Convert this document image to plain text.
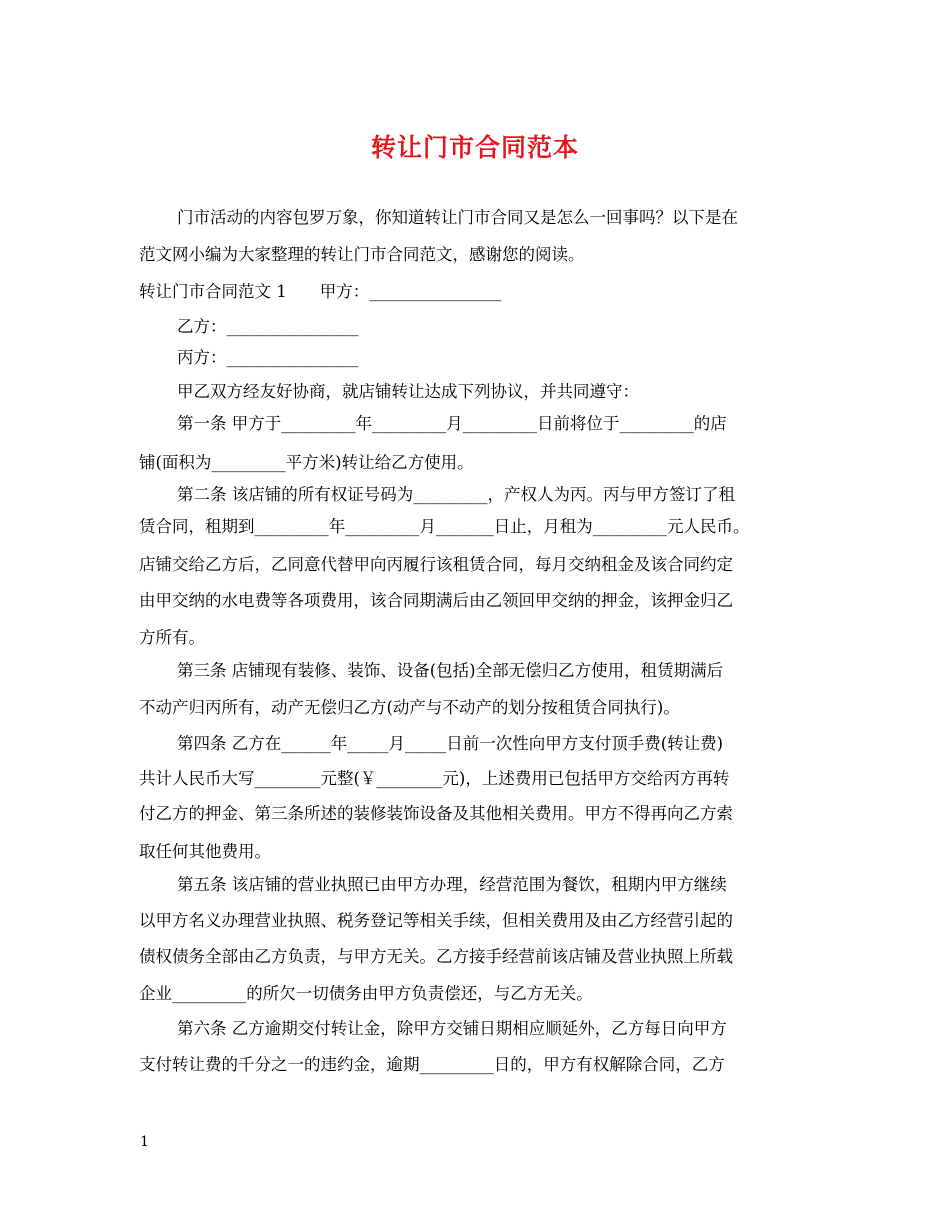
转让门市合同范本
门市活动的内容包罗万象，你知道转让门市合同又是怎么一回事吗？以下是在
范文网小编为大家整理的转让门市合同范文，感谢您的阅读。
转让门市合同范文 1　　甲方：________________
乙方：________________
丙方：________________
甲乙双方经友好协商，就店铺转让达成下列协议，并共同遵守：
第一条 甲方于_________年_________月_________日前将位于_________的店
铺(面积为_________平方米)转让给乙方使用。
第二条 该店铺的所有权证号码为_________，产权人为丙。丙与甲方签订了租
赁合同，租期到_________年_________月_______日止，月租为_________元人民币。
店铺交给乙方后，乙同意代替甲向丙履行该租赁合同，每月交纳租金及该合同约定
由甲交纳的水电费等各项费用，该合同期满后由乙领回甲交纳的押金，该押金归乙
方所有。
第三条 店铺现有装修、装饰、设备(包括)全部无偿归乙方使用，租赁期满后
不动产归丙所有，动产无偿归乙方(动产与不动产的划分按租赁合同执行)。
第四条 乙方在______年_____月_____日前一次性向甲方支付顶手费(转让费)
共计人民币大写________元整(￥________元)，上述费用已包括甲方交给丙方再转
付乙方的押金、第三条所述的装修装饰设备及其他相关费用。甲方不得再向乙方索
取任何其他费用。
第五条 该店铺的营业执照已由甲方办理，经营范围为餐饮，租期内甲方继续
以甲方名义办理营业执照、税务登记等相关手续，但相关费用及由乙方经营引起的
债权债务全部由乙方负责，与甲方无关。乙方接手经营前该店铺及营业执照上所载
企业_________的所欠一切债务由甲方负责偿还，与乙方无关。
第六条 乙方逾期交付转让金，除甲方交铺日期相应顺延外，乙方每日向甲方
支付转让费的千分之一的违约金，逾期_________日的，甲方有权解除合同，乙方
1
